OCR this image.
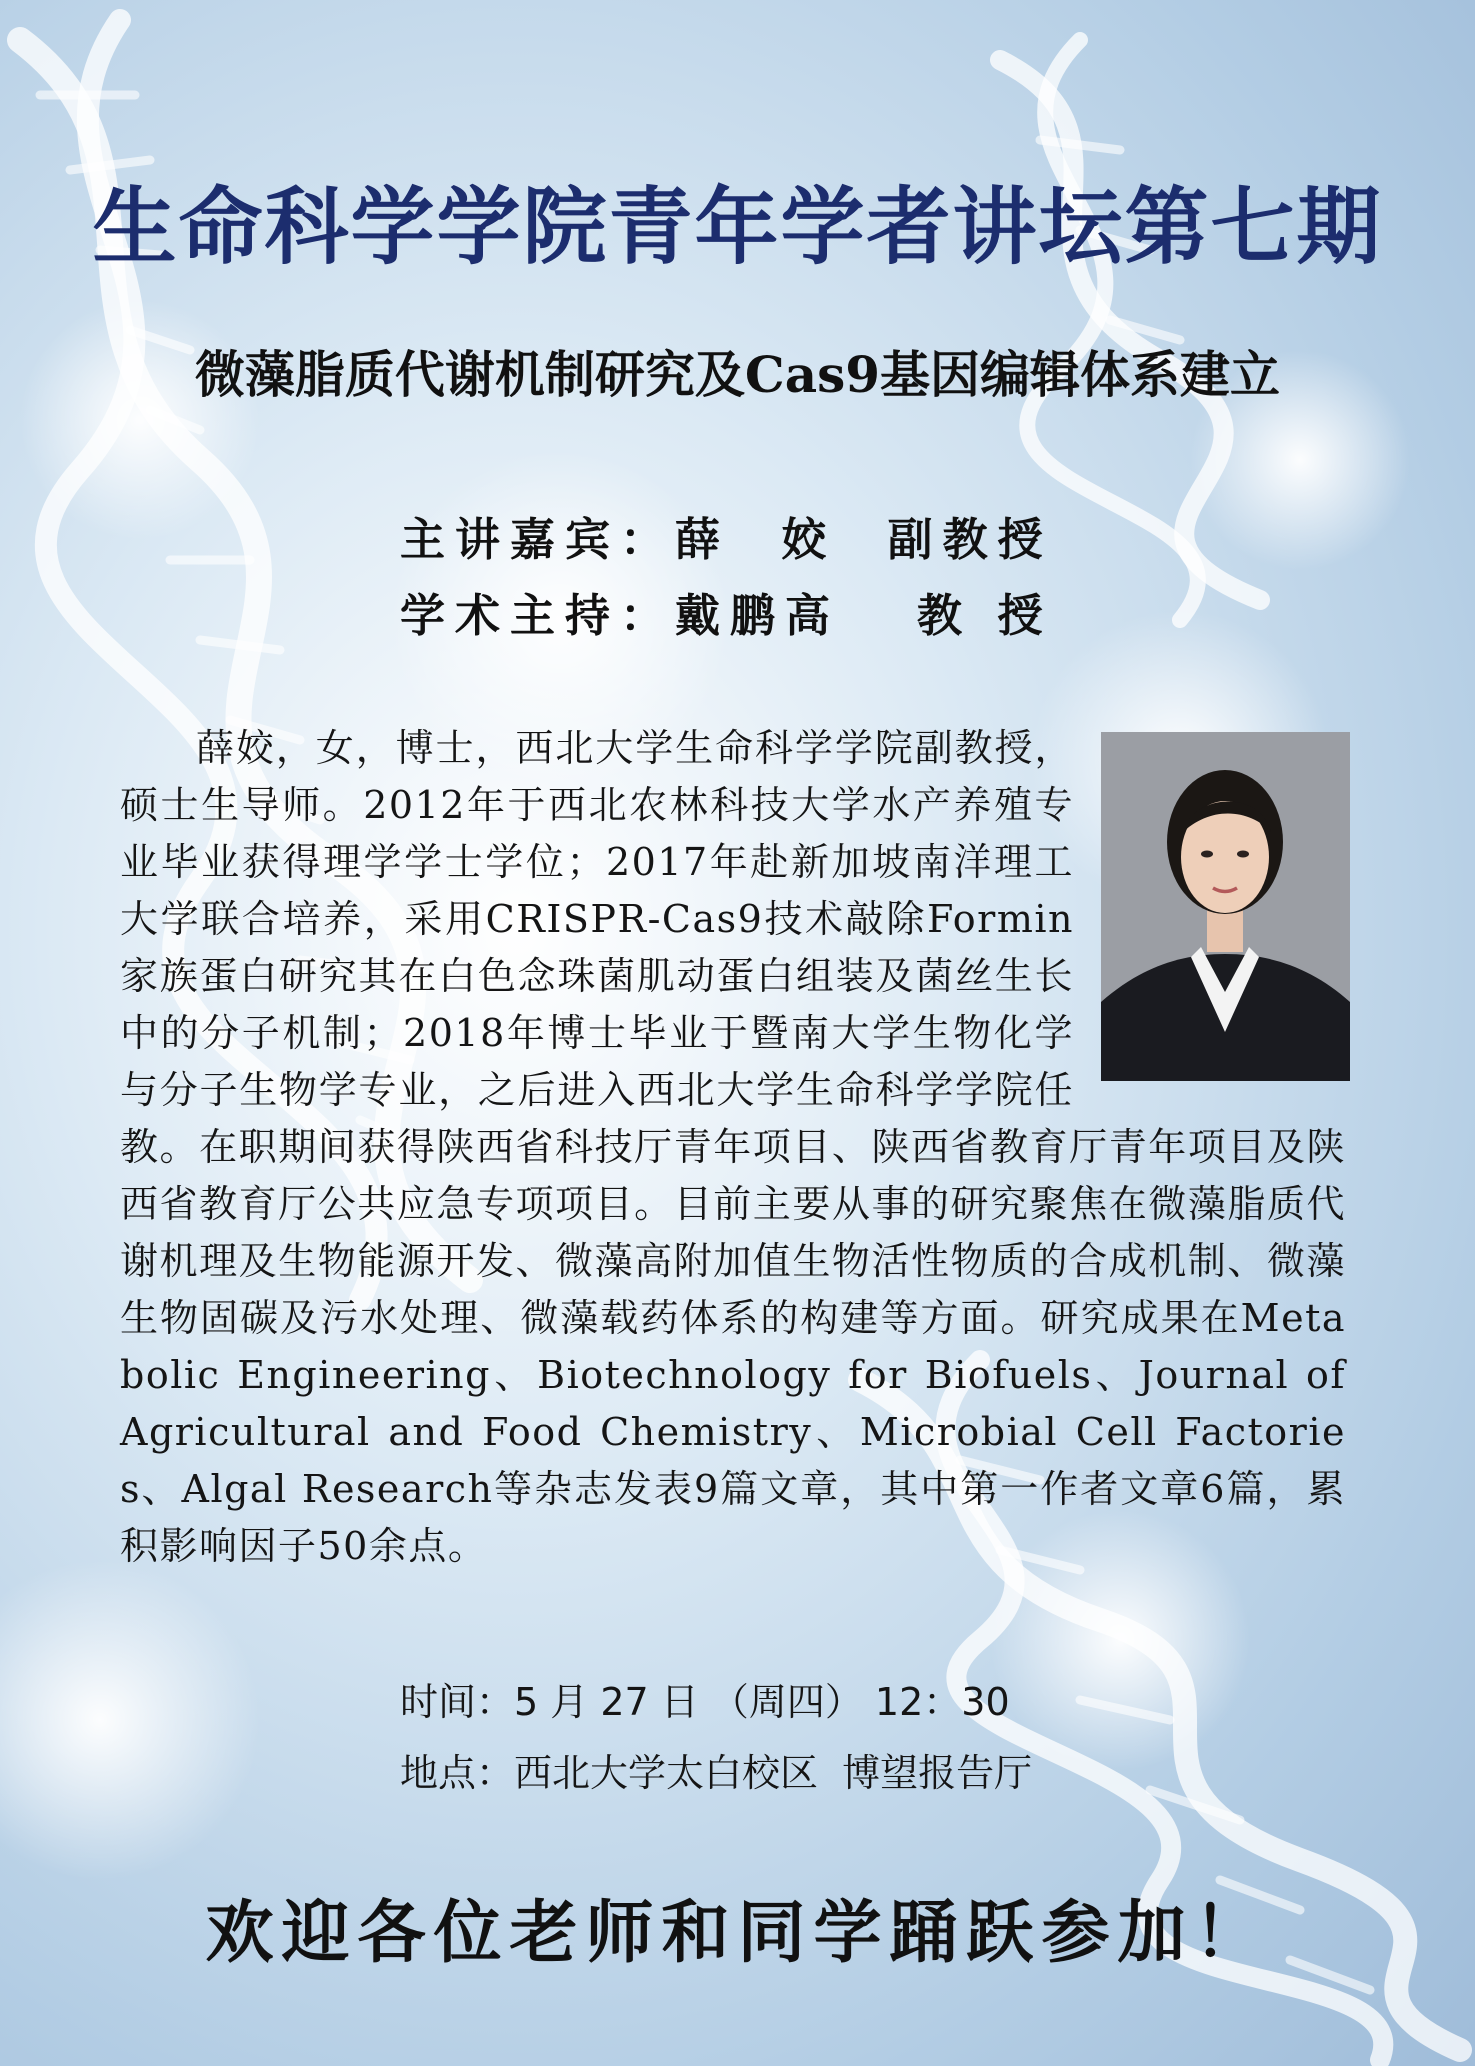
生命科学学院青年学者讲坛第七期
微藻脂质代谢机制研究及Cas9基因编辑体系建立
主讲嘉宾：薛  姣  副教授
学术主持：戴鹏高   教 授
薛姣，女，博士，西北大学生命科学学院副教授，硕士生导师。2012年于西北农林科技大学水产养殖专业毕业获得理学学士学位；2017年赴新加坡南洋理工大学联合培养，采用CRISPR-Cas9技术敲除Formin家族蛋白研究其在白色念珠菌肌动蛋白组装及菌丝生长中的分子机制；2018年博士毕业于暨南大学生物化学与分子生物学专业，之后进入西北大学生命科学学院任教。在职期间获得陕西省科技厅青年项目、陕西省教育厅青年项目及陕西省教育厅公共应急专项项目。目前主要从事的研究聚焦在微藻脂质代谢机理及生物能源开发、微藻高附加值生物活性物质的合成机制、微藻生物固碳及污水处理、微藻载药体系的构建等方面。研究成果在Metabolic Engineering、Biotechnology for Biofuels、Journal of Agricultural and Food Chemistry、Microbial Cell Factories、Algal Research等杂志发表9篇文章，其中第一作者文章6篇，累积影响因子50余点。
时间：5 月 27 日 （周四） 12：30
地点：西北大学太白校区  博望报告厅
欢迎各位老师和同学踊跃参加！
